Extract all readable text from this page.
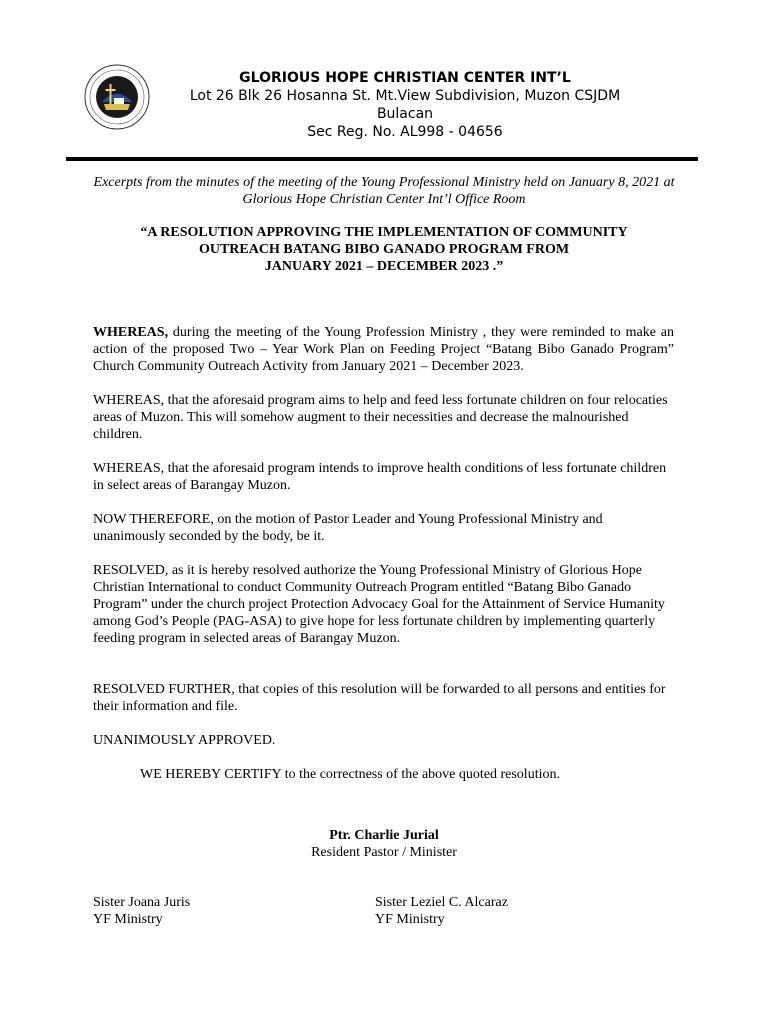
GLORIOUS HOPE CHRISTIAN CENTER INT’L
Lot 26 Blk 26 Hosanna St. Mt.View Subdivision, Muzon CSJDM
Bulacan
Sec Reg. No. AL998 - 04656
Excerpts from the minutes of the meeting of the Young Professional Ministry held on January 8, 2021 at Glorious Hope Christian Center Int’l Office Room
“A RESOLUTION APPROVING THE IMPLEMENTATION OF COMMUNITY
OUTREACH BATANG BIBO GANADO PROGRAM FROM
JANUARY 2021 – DECEMBER 2023 .”

WHEREAS, during the meeting of the Young Profession Ministry , they were reminded to make an action of the proposed Two – Year Work Plan on Feeding Project “Batang Bibo Ganado Program” Church Community Outreach Activity from January 2021 – December 2023.

WHEREAS, that the aforesaid program aims to help and feed less fortunate children on four relocaties areas of Muzon. This will somehow augment to their necessities and decrease the malnourished children.

WHEREAS, that the aforesaid program intends to improve health conditions of less fortunate children in select areas of Barangay Muzon.

NOW THEREFORE, on the motion of Pastor Leader and Young Professional Ministry and unanimously seconded by the body, be it.

RESOLVED, as it is hereby resolved authorize the Young Professional Ministry of Glorious Hope Christian International to conduct Community Outreach Program entitled “Batang Bibo Ganado Program” under the church project Protection Advocacy Goal for the Attainment of Service Humanity among God’s People (PAG-ASA) to give hope for less fortunate children by implementing quarterly feeding program in selected areas of Barangay Muzon.

RESOLVED FURTHER, that copies of this resolution will be forwarded to all persons and entities for their information and file.

UNANIMOUSLY APPROVED.

WE HEREBY CERTIFY to the correctness of the above quoted resolution.

Ptr. Charlie Jurial
Resident Pastor / Minister
Sister Joana Juris
YF Ministry
Sister Leziel C. Alcaraz
YF Ministry
